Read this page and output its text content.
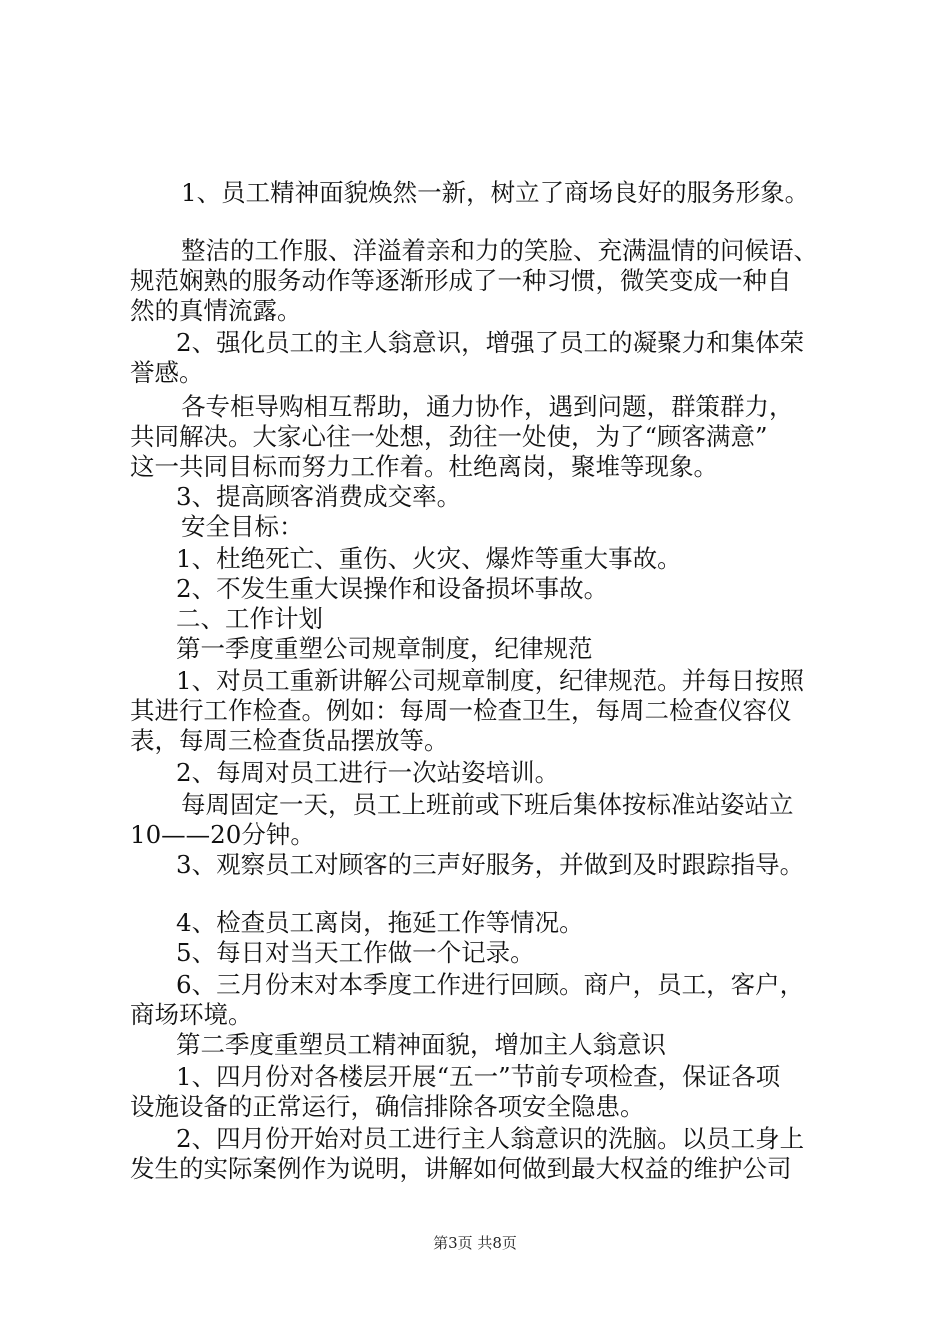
1、员工精神面貌焕然一新，树立了商场良好的服务形象。
整洁的工作服、洋溢着亲和力的笑脸、充满温情的问候语、
规范娴熟的服务动作等逐渐形成了一种习惯，微笑变成一种自
然的真情流露。
2、强化员工的主人翁意识，增强了员工的凝聚力和集体荣
誉感。
各专柜导购相互帮助，通力协作，遇到问题，群策群力，
共同解决。大家心往一处想，劲往一处使，为了“顾客满意”
这一共同目标而努力工作着。杜绝离岗，聚堆等现象。
3、提高顾客消费成交率。
安全目标：
1、杜绝死亡、重伤、火灾、爆炸等重大事故。
2、不发生重大误操作和设备损坏事故。
二、工作计划
第一季度重塑公司规章制度，纪律规范
1、对员工重新讲解公司规章制度，纪律规范。并每日按照
其进行工作检查。例如：每周一检查卫生，每周二检查仪容仪
表，每周三检查货品摆放等。
2、每周对员工进行一次站姿培训。
每周固定一天，员工上班前或下班后集体按标准站姿站立
10——20分钟。
3、观察员工对顾客的三声好服务，并做到及时跟踪指导。
4、检查员工离岗，拖延工作等情况。
5、每日对当天工作做一个记录。
6、三月份末对本季度工作进行回顾。商户，员工，客户，
商场环境。
第二季度重塑员工精神面貌，增加主人翁意识
1、四月份对各楼层开展“五一”节前专项检查，保证各项
设施设备的正常运行，确信排除各项安全隐患。
2、四月份开始对员工进行主人翁意识的洗脑。以员工身上
发生的实际案例作为说明，讲解如何做到最大权益的维护公司
第3页 共8页
